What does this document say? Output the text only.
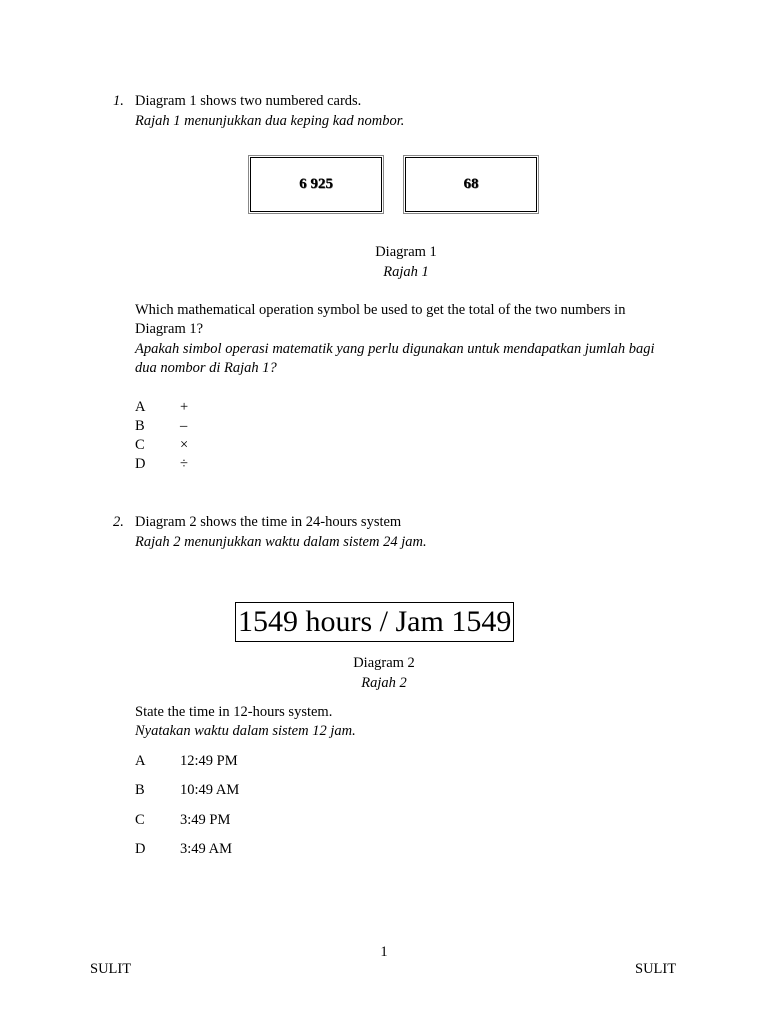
1. Diagram 1 shows two numbered cards.
Rajah 1 menunjukkan dua keping kad nombor.
6 925	68
Diagram 1
Rajah 1
Which mathematical operation symbol be used to get the total of the two numbers in
Diagram 1?
Apakah simbol operasi matematik yang perlu digunakan untuk mendapatkan jumlah bagi
dua nombor di Rajah 1?
A +
B –
C ×
D ÷
2. Diagram 2 shows the time in 24-hours system
Rajah 2 menunjukkan waktu dalam sistem 24 jam.
1549 hours / Jam 1549
Diagram 2
Rajah 2
State the time in 12-hours system.
Nyatakan waktu dalam sistem 12 jam.
A 12:49 PM
B 10:49 AM
C 3:49 PM
D 3:49 AM
1
SULIT	SULIT
